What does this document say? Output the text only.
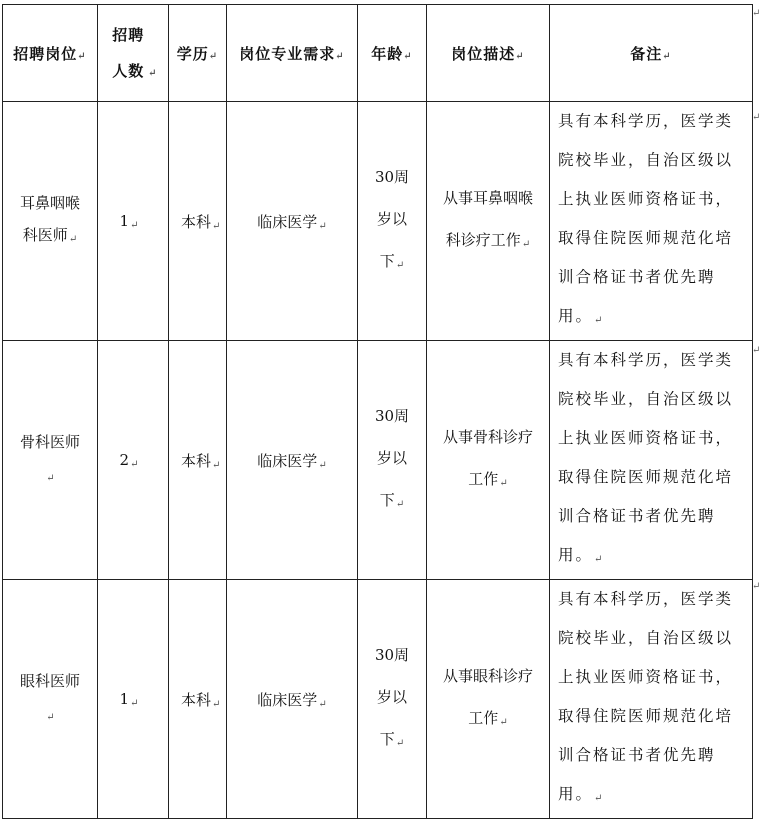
招聘岗位↵	招聘人数 ↵	学历↵	岗位专业需求↵	年龄↵	岗位描述↵	备注↵
耳鼻咽喉科医师↵	1↵	本科↵	临床医学↵	30周岁以下↵	从事耳鼻咽喉科诊疗工作↵	具有本科学历，医学类院校毕业，自治区级以上执业医师资格证书，取得住院医师规范化培训合格证书者优先聘用。↵
骨科医师↵	2↵	本科↵	临床医学↵	30周岁以下↵	从事骨科诊疗工作↵	具有本科学历，医学类院校毕业，自治区级以上执业医师资格证书，取得住院医师规范化培训合格证书者优先聘用。↵
眼科医师↵	1↵	本科↵	临床医学↵	30周岁以下↵	从事眼科诊疗工作↵	具有本科学历，医学类院校毕业，自治区级以上执业医师资格证书，取得住院医师规范化培训合格证书者优先聘用。↵
↵
↵
↵
↵
